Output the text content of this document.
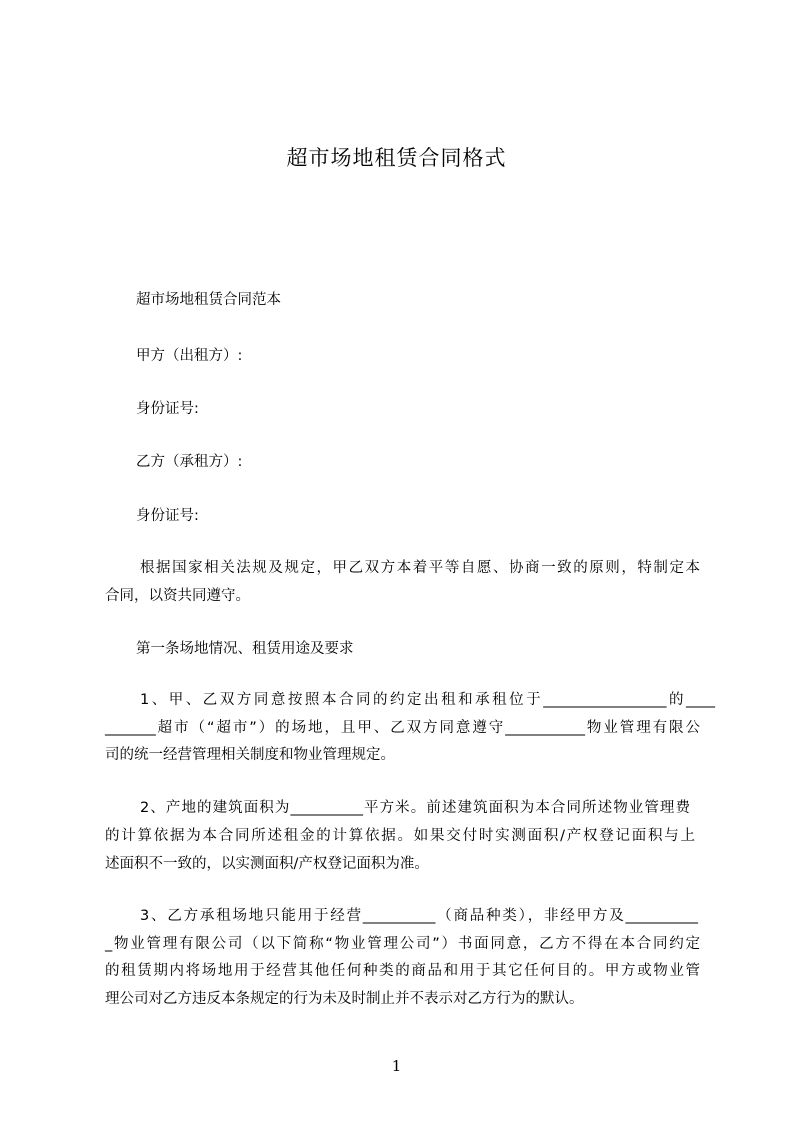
超市场地租赁合同格式
超市场地租赁合同范本
甲方（出租方）:
身份证号:
乙方（承租方）:
身份证号:
根据国家相关法规及规定，甲乙双方本着平等自愿、协商一致的原则，特制定本
合同，以资共同遵守。
第一条场地情况、租赁用途及要求
1、甲、乙双方同意按照本合同的约定出租和承租位于_________________的____
_______超市（“超市”）的场地，且甲、乙双方同意遵守___________物业管理有限公
司的统一经营管理相关制度和物业管理规定。
2、产地的建筑面积为__________平方米。前述建筑面积为本合同所述物业管理费
的计算依据为本合同所述租金的计算依据。如果交付时实测面积/产权登记面积与上
述面积不一致的，以实测面积/产权登记面积为准。
3、乙方承租场地只能用于经营__________（商品种类），非经甲方及__________
_物业管理有限公司（以下简称“物业管理公司”）书面同意，乙方不得在本合同约定
的租赁期内将场地用于经营其他任何种类的商品和用于其它任何目的。甲方或物业管
理公司对乙方违反本条规定的行为未及时制止并不表示对乙方行为的默认。
1
